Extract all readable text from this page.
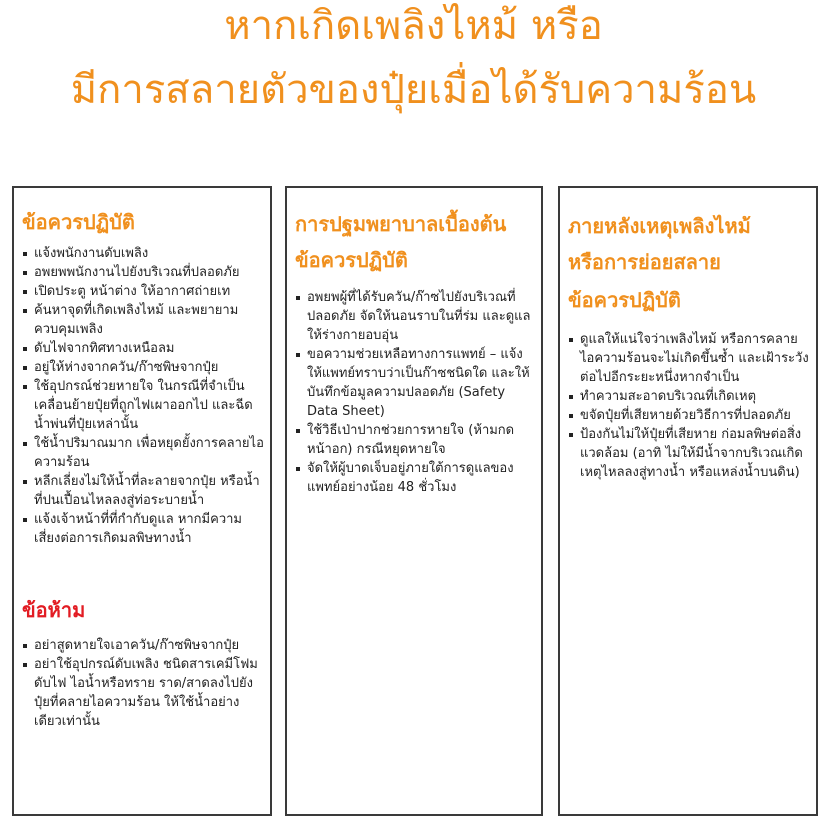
หากเกิดเพลิงไหม้ หรือ
มีการสลายตัวของปุ๋ยเมื่อได้รับความร้อน
ข้อควรปฏิบัติ
แจ้งพนักงานดับเพลิง
อพยพพนักงานไปยังบริเวณที่ปลอดภัย
เปิดประตู หน้าต่าง ให้อากาศถ่ายเท
ค้นหาจุดที่เกิดเพลิงไหม้ และพยายามควบคุมเพลิง
ดับไฟจากทิศทางเหนือลม
อยู่ให้ห่างจากควัน/ก๊าซพิษจากปุ๋ย
ใช้อุปกรณ์ช่วยหายใจ ในกรณีที่จำเป็น เคลื่อนย้ายปุ๋ยที่ถูกไฟเผาออกไป และฉีดน้ำพ่นที่ปุ๋ยเหล่านั้น
ใช้น้ำปริมาณมาก เพื่อหยุดยั้งการคลายไอความร้อน
หลีกเลี่ยงไม่ให้น้ำที่ละลายจากปุ๋ย หรือน้ำที่ปนเปื้อนไหลลงสู่ท่อระบายน้ำ
แจ้งเจ้าหน้าที่ที่กำกับดูแล หากมีความเสี่ยงต่อการเกิดมลพิษทางน้ำ
ข้อห้าม
อย่าสูดหายใจเอาควัน/ก๊าซพิษจากปุ๋ย
อย่าใช้อุปกรณ์ดับเพลิง ชนิดสารเคมีโฟมดับไฟ ไอน้ำหรือทราย ราด/สาดลงไปยังปุ๋ยที่คลายไอความร้อน ให้ใช้น้ำอย่างเดียวเท่านั้น
การปฐมพยาบาลเบื้องต้น
ข้อควรปฏิบัติ
อพยพผู้ที่ได้รับควัน/ก๊าซไปยังบริเวณที่ปลอดภัย จัดให้นอนราบในที่ร่ม และดูแลให้ร่างกายอบอุ่น
ขอความช่วยเหลือทางการแพทย์ – แจ้งให้แพทย์ทราบว่าเป็นก๊าซชนิดใด และให้บันทึกข้อมูลความปลอดภัย (Safety Data Sheet)
ใช้วิธีเป่าปากช่วยการหายใจ (ห้ามกดหน้าอก) กรณีหยุดหายใจ
จัดให้ผู้บาดเจ็บอยู่ภายใต้การดูแลของแพทย์อย่างน้อย 48 ชั่วโมง
ภายหลังเหตุเพลิงไหม้
หรือการย่อยสลาย
ข้อควรปฏิบัติ
ดูแลให้แน่ใจว่าเพลิงไหม้ หรือการคลายไอความร้อนจะไม่เกิดขึ้นซ้ำ และเฝ้าระวังต่อไปอีกระยะหนึ่งหากจำเป็น
ทำความสะอาดบริเวณที่เกิดเหตุ
ขจัดปุ๋ยที่เสียหายด้วยวิธีการที่ปลอดภัย
ป้องกันไม่ให้ปุ๋ยที่เสียหาย ก่อมลพิษต่อสิ่งแวดล้อม (อาทิ ไม่ให้มีน้ำจากบริเวณเกิดเหตุไหลลงสู่ทางน้ำ หรือแหล่งน้ำบนดิน)
